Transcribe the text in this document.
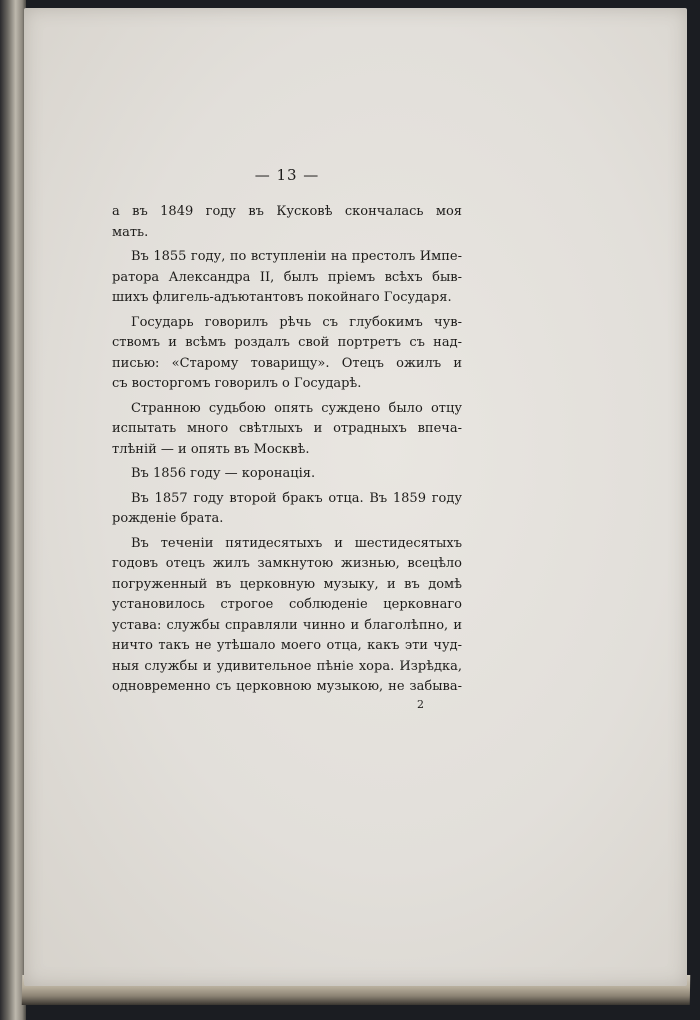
— 13 —
а въ 1849 году въ Кусковѣ скончалась моя
мать.
Въ 1855 году, по вступленіи на престолъ Импе-
ратора Александра II, былъ пріемъ всѣхъ быв-
шихъ флигель-адъютантовъ покойнаго Государя.
Государь говорилъ рѣчь съ глубокимъ чув-
ствомъ и всѣмъ роздалъ свой портретъ съ над-
писью: «Старому товарищу». Отецъ ожилъ и
съ восторгомъ говорилъ о Государѣ.
Странною судьбою опять суждено было отцу
испытать много свѣтлыхъ и отрадныхъ впеча-
тлѣній — и опять въ Москвѣ.
Въ 1856 году — коронація.
Въ 1857 году второй бракъ отца. Въ 1859 году
рожденіе брата.
Въ теченіи пятидесятыхъ и шестидесятыхъ
годовъ отецъ жилъ замкнутою жизнью, всецѣло
погруженный въ церковную музыку, и въ домѣ
установилось строгое соблюденіе церковнаго
устава: службы справляли чинно и благолѣпно, и
ничто такъ не утѣшало моего отца, какъ эти чуд-
ныя службы и удивительное пѣніе хора. Изрѣдка,
одновременно съ церковною музыкою, не забыва-
2
